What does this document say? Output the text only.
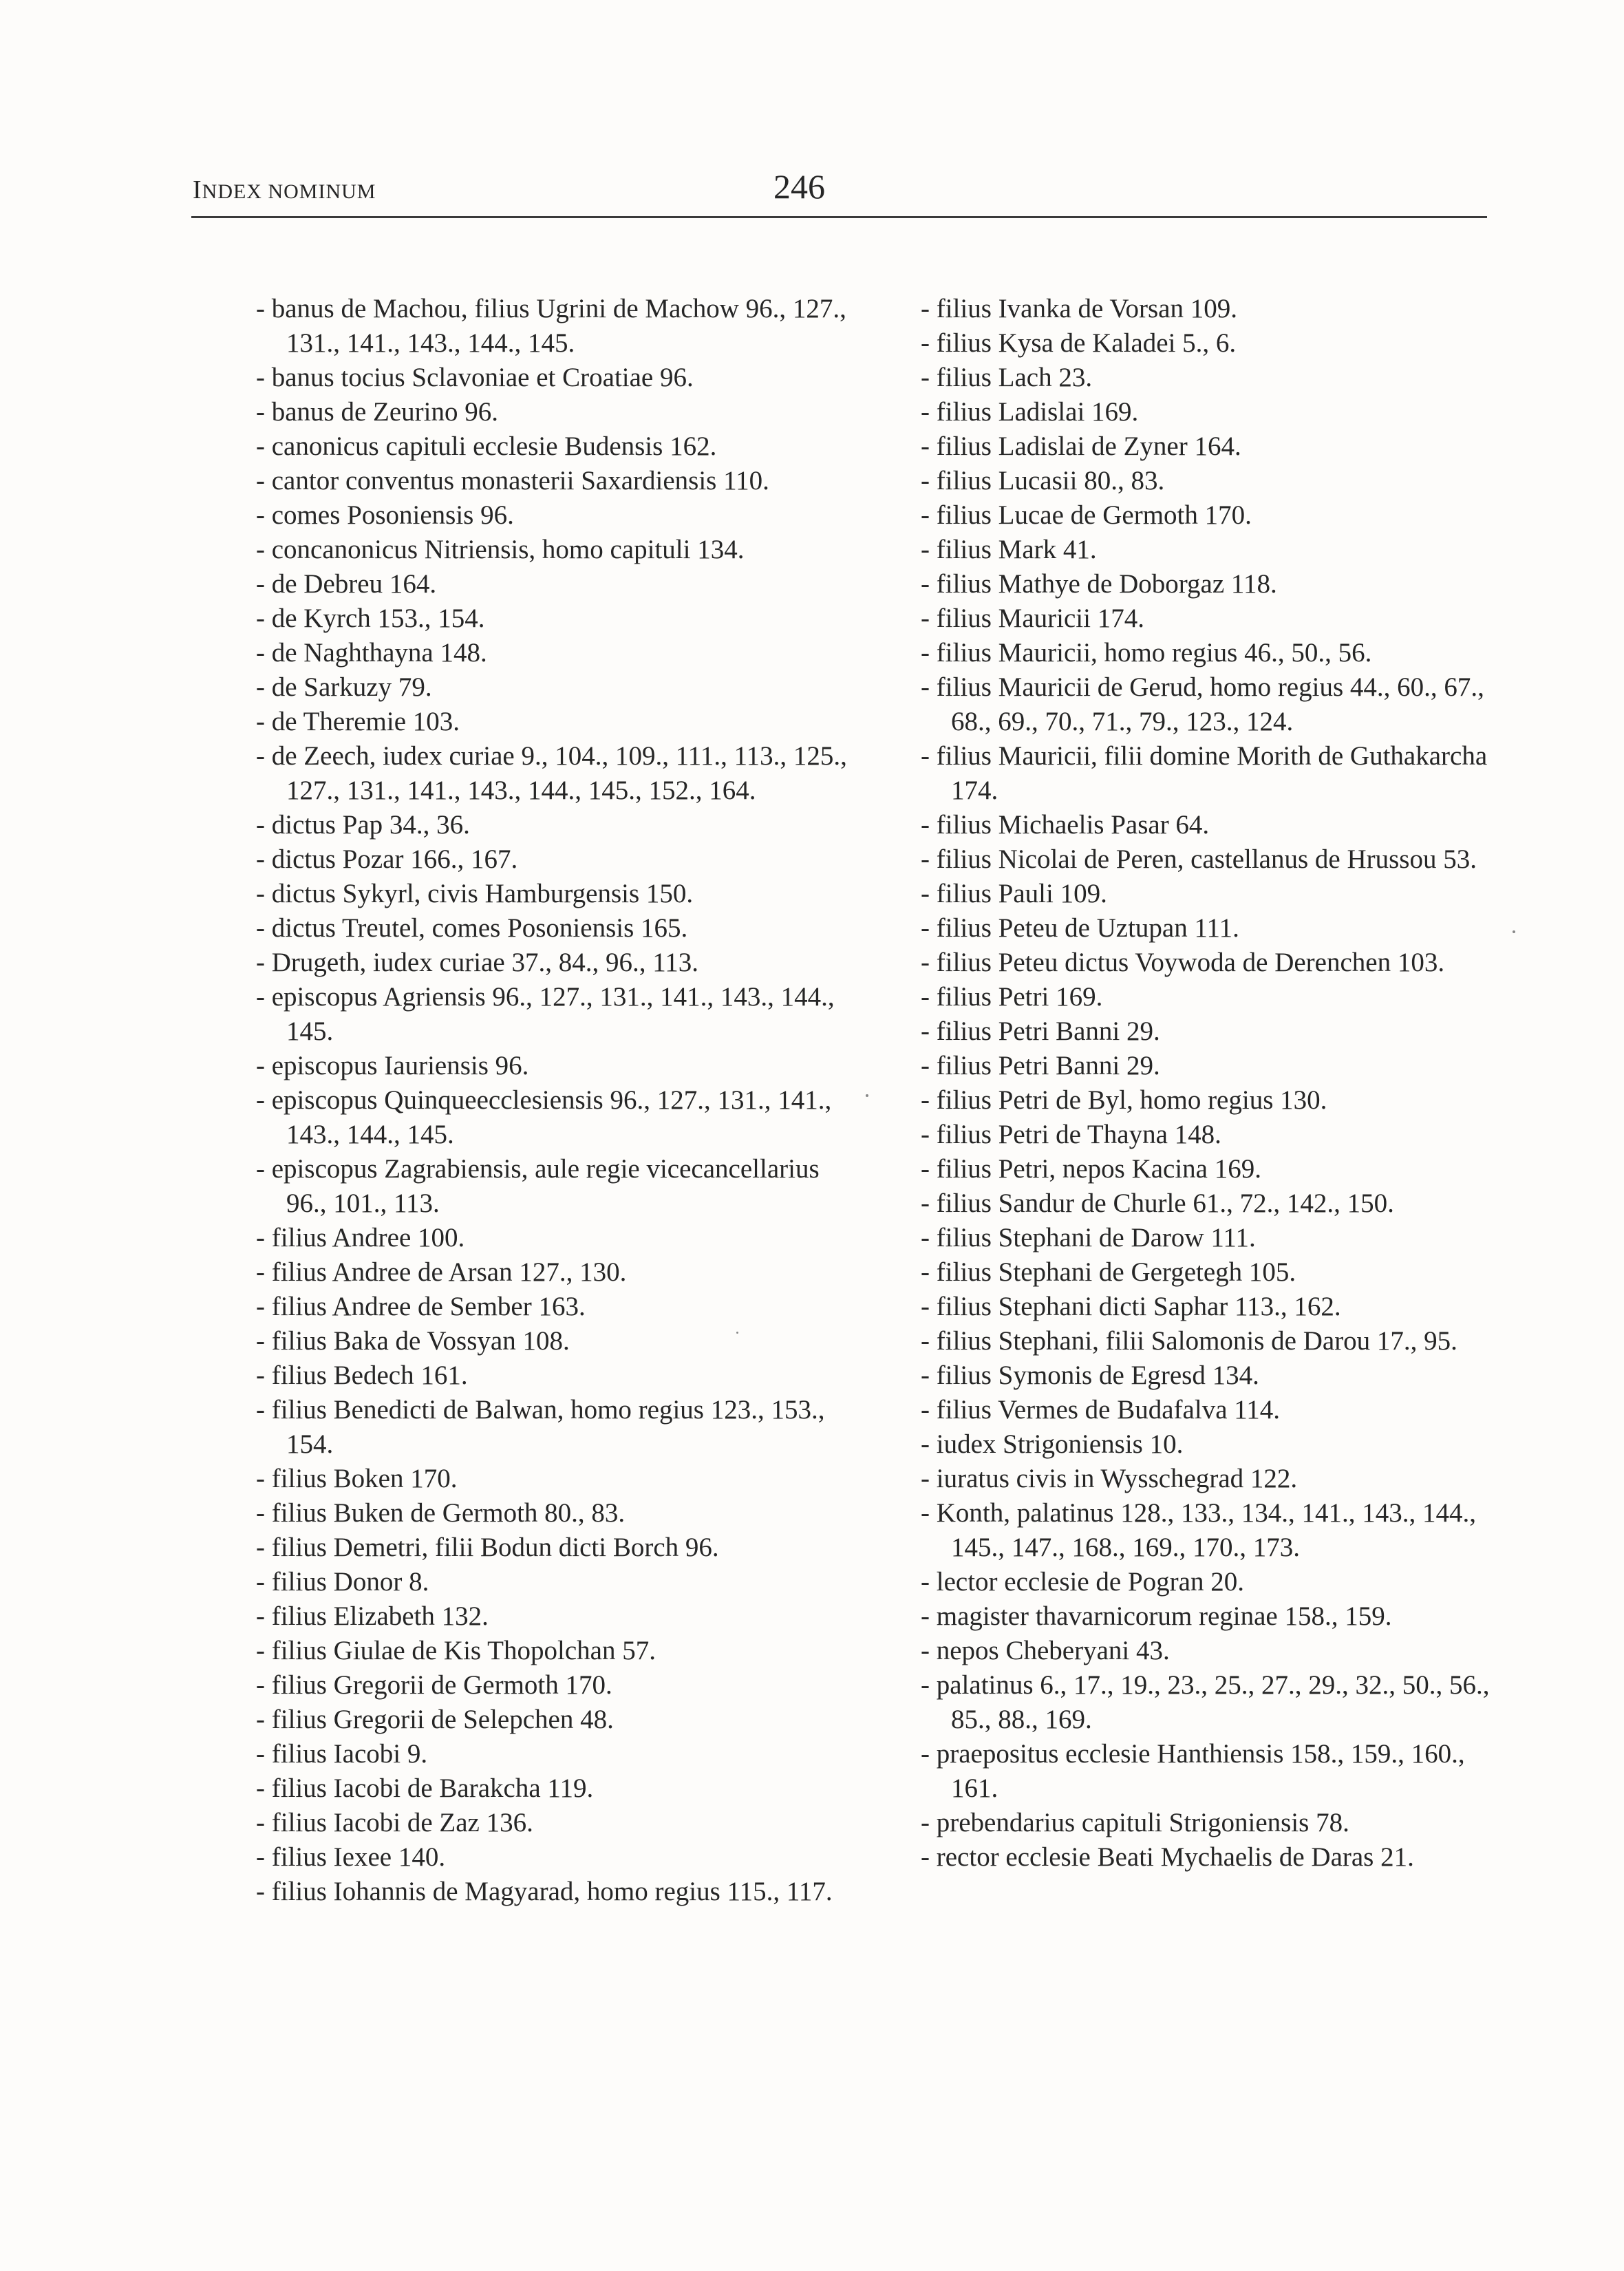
INDEX NOMINUM	246
- banus de Machou, filius Ugrini de Machow 96., 127., 131., 141., 143., 144., 145.
- banus tocius Sclavoniae et Croatiae 96.
- banus de Zeurino 96.
- canonicus capituli ecclesie Budensis 162.
- cantor conventus monasterii Saxardiensis 110.
- comes Posoniensis 96.
- concanonicus Nitriensis, homo capituli 134.
- de Debreu 164.
- de Kyrch 153., 154.
- de Naghthayna 148.
- de Sarkuzy 79.
- de Theremie 103.
- de Zeech, iudex curiae 9., 104., 109., 111., 113., 125., 127., 131., 141., 143., 144., 145., 152., 164.
- dictus Pap 34., 36.
- dictus Pozar 166., 167.
- dictus Sykyrl, civis Hamburgensis 150.
- dictus Treutel, comes Posoniensis 165.
- Drugeth, iudex curiae 37., 84., 96., 113.
- episcopus Agriensis 96., 127., 131., 141., 143., 144., 145.
- episcopus Iauriensis 96.
- episcopus Quinqueecclesiensis 96., 127., 131., 141., 143., 144., 145.
- episcopus Zagrabiensis, aule regie vicecancellarius 96., 101., 113.
- filius Andree 100.
- filius Andree de Arsan 127., 130.
- filius Andree de Sember 163.
- filius Baka de Vossyan 108.
- filius Bedech 161.
- filius Benedicti de Balwan, homo regius 123., 153., 154.
- filius Boken 170.
- filius Buken de Germoth 80., 83.
- filius Demetri, filii Bodun dicti Borch 96.
- filius Donor 8.
- filius Elizabeth 132.
- filius Giulae de Kis Thopolchan 57.
- filius Gregorii de Germoth 170.
- filius Gregorii de Selepchen 48.
- filius Iacobi 9.
- filius Iacobi de Barakcha 119.
- filius Iacobi de Zaz 136.
- filius Iexee 140.
- filius Iohannis de Magyarad, homo regius 115., 117.
- filius Ivanka de Vorsan 109.
- filius Kysa de Kaladei 5., 6.
- filius Lach 23.
- filius Ladislai 169.
- filius Ladislai de Zyner 164.
- filius Lucasii 80., 83.
- filius Lucae de Germoth 170.
- filius Mark 41.
- filius Mathye de Doborgaz 118.
- filius Mauricii 174.
- filius Mauricii, homo regius 46., 50., 56.
- filius Mauricii de Gerud, homo regius 44., 60., 67., 68., 69., 70., 71., 79., 123., 124.
- filius Mauricii, filii domine Morith de Guthakarcha 174.
- filius Michaelis Pasar 64.
- filius Nicolai de Peren, castellanus de Hrussou 53.
- filius Pauli 109.
- filius Peteu de Uztupan 111.
- filius Peteu dictus Voywoda de Derenchen 103.
- filius Petri 169.
- filius Petri Banni 29.
- filius Petri Banni 29.
- filius Petri de Byl, homo regius 130.
- filius Petri de Thayna 148.
- filius Petri, nepos Kacina 169.
- filius Sandur de Churle 61., 72., 142., 150.
- filius Stephani de Darow 111.
- filius Stephani de Gergetegh 105.
- filius Stephani dicti Saphar 113., 162.
- filius Stephani, filii Salomonis de Darou 17., 95.
- filius Symonis de Egresd 134.
- filius Vermes de Budafalva 114.
- iudex Strigoniensis 10.
- iuratus civis in Wysschegrad 122.
- Konth, palatinus 128., 133., 134., 141., 143., 144., 145., 147., 168., 169., 170., 173.
- lector ecclesie de Pogran 20.
- magister thavarnicorum reginae 158., 159.
- nepos Cheberyani 43.
- palatinus 6., 17., 19., 23., 25., 27., 29., 32., 50., 56., 85., 88., 169.
- praepositus ecclesie Hanthiensis 158., 159., 160., 161.
- prebendarius capituli Strigoniensis 78.
- rector ecclesie Beati Mychaelis de Daras 21.
